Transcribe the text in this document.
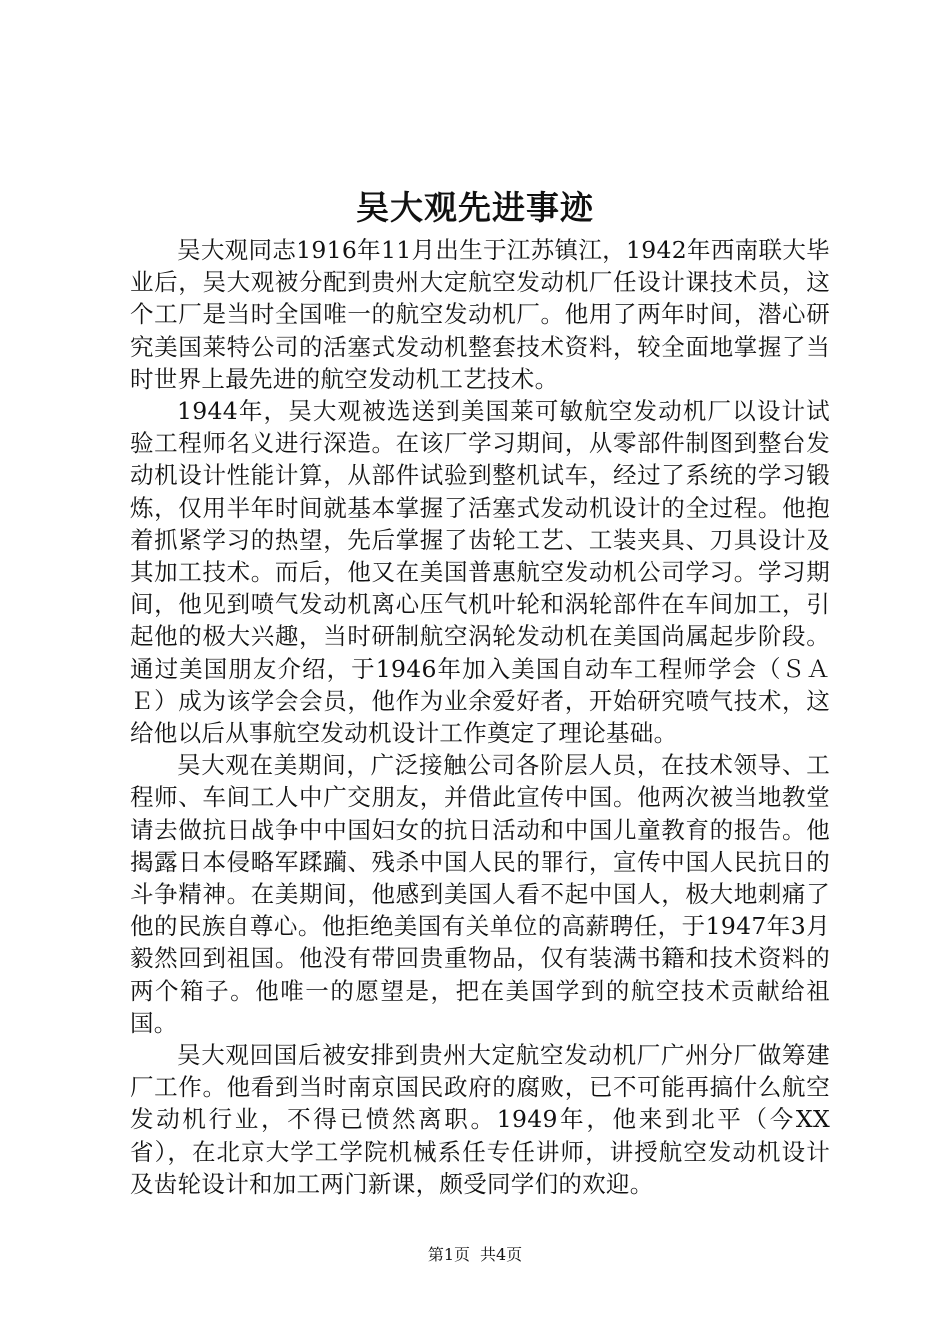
吴大观先进事迹

吴大观同志1916年11月出生于江苏镇江，1942年西南联大毕业后，吴大观被分配到贵州大定航空发动机厂任设计课技术员，这个工厂是当时全国唯一的航空发动机厂。他用了两年时间，潜心研究美国莱特公司的活塞式发动机整套技术资料，较全面地掌握了当时世界上最先进的航空发动机工艺技术。

1944年，吴大观被选送到美国莱可敏航空发动机厂以设计试验工程师名义进行深造。在该厂学习期间，从零部件制图到整台发动机设计性能计算，从部件试验到整机试车，经过了系统的学习锻炼，仅用半年时间就基本掌握了活塞式发动机设计的全过程。他抱着抓紧学习的热望，先后掌握了齿轮工艺、工装夹具、刀具设计及其加工技术。而后，他又在美国普惠航空发动机公司学习。学习期间，他见到喷气发动机离心压气机叶轮和涡轮部件在车间加工，引起他的极大兴趣，当时研制航空涡轮发动机在美国尚属起步阶段。通过美国朋友介绍，于1946年加入美国自动车工程师学会（ＳＡＥ）成为该学会会员，他作为业余爱好者，开始研究喷气技术，这给他以后从事航空发动机设计工作奠定了理论基础。

吴大观在美期间，广泛接触公司各阶层人员，在技术领导、工程师、车间工人中广交朋友，并借此宣传中国。他两次被当地教堂请去做抗日战争中中国妇女的抗日活动和中国儿童教育的报告。他揭露日本侵略军蹂躏、残杀中国人民的罪行，宣传中国人民抗日的斗争精神。在美期间，他感到美国人看不起中国人，极大地刺痛了他的民族自尊心。他拒绝美国有关单位的高薪聘任，于1947年3月毅然回到祖国。他没有带回贵重物品，仅有装满书籍和技术资料的两个箱子。他唯一的愿望是，把在美国学到的航空技术贡献给祖国。

吴大观回国后被安排到贵州大定航空发动机厂广州分厂做筹建厂工作。他看到当时南京国民政府的腐败，已不可能再搞什么航空发动机行业，不得已愤然离职。1949年，他来到北平（今XX省），在北京大学工学院机械系任专任讲师，讲授航空发动机设计及齿轮设计和加工两门新课，颇受同学们的欢迎。

第1页 共4页
